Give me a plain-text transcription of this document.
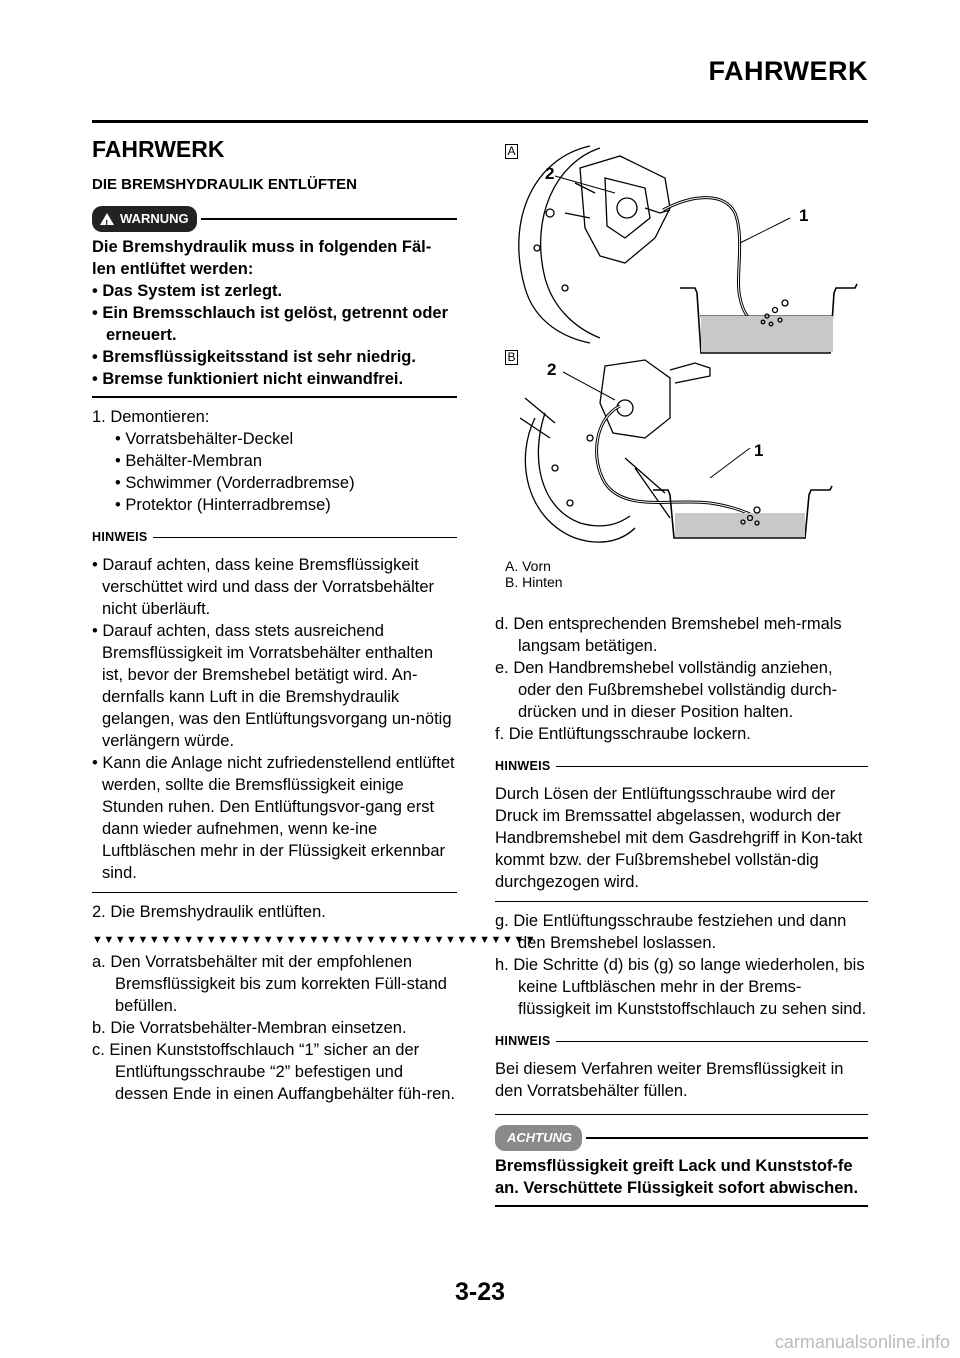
FAHRWERK
FAHRWERK
DIE BREMSHYDRAULIK ENTLÜFTEN
! WARNUNG
Die Bremshydraulik muss in folgenden Fäl-
len entlüftet werden:
• Das System ist zerlegt.
• Ein Bremsschlauch ist gelöst, getrennt oder erneuert.
• Bremsflüssigkeitsstand ist sehr niedrig.
• Bremse funktioniert nicht einwandfrei.
1. Demontieren:
• Vorratsbehälter-Deckel
• Behälter-Membran
• Schwimmer (Vorderradbremse)
• Protektor (Hinterradbremse)
HINWEIS
• Darauf achten, dass keine Bremsflüssigkeit verschüttet wird und dass der Vorratsbehälter nicht überläuft.
• Darauf achten, dass stets ausreichend Bremsflüssigkeit im Vorratsbehälter enthalten ist, bevor der Bremshebel betätigt wird. An-dernfalls kann Luft in die Bremshydraulik gelangen, was den Entlüftungsvorgang un-nötig verlängern würde.
• Kann die Anlage nicht zufriedenstellend entlüftet werden, sollte die Bremsflüssigkeit einige Stunden ruhen. Den Entlüftungsvor-gang erst dann wieder aufnehmen, wenn ke-ine Luftbläschen mehr in der Flüssigkeit erkennbar sind.
2. Die Bremshydraulik entlüften.
▼▼▼▼▼▼▼▼▼▼▼▼▼▼▼▼▼▼▼▼▼▼▼▼▼▼▼▼▼▼▼▼▼▼▼▼▼▼▼
a. Den Vorratsbehälter mit der empfohlenen Bremsflüssigkeit bis zum korrekten Füll-stand befüllen.
b. Die Vorratsbehälter-Membran einsetzen.
c. Einen Kunststoffschlauch “1” sicher an der Entlüftungsschraube “2” befestigen und dessen Ende in einen Auffangbehälter füh-ren.
A
B
2
1
2
1
A. Vorn
B. Hinten
d. Den entsprechenden Bremshebel meh-rmals langsam betätigen.
e. Den Handbremshebel vollständig anziehen, oder den Fußbremshebel vollständig durch-drücken und in dieser Position halten.
f. Die Entlüftungsschraube lockern.
HINWEIS
Durch Lösen der Entlüftungsschraube wird der Druck im Bremssattel abgelassen, wodurch der Handbremshebel mit dem Gasdrehgriff in Kon-takt kommt bzw. der Fußbremshebel vollstän-dig durchgezogen wird.
g. Die Entlüftungsschraube festziehen und dann den Bremshebel loslassen.
h. Die Schritte (d) bis (g) so lange wiederholen, bis keine Luftbläschen mehr in der Brems-flüssigkeit im Kunststoffschlauch zu sehen sind.
HINWEIS
Bei diesem Verfahren weiter Bremsflüssigkeit in den Vorratsbehälter füllen.
ACHTUNG
Bremsflüssigkeit greift Lack und Kunststof-fe an. Verschüttete Flüssigkeit sofort abwischen.
3-23
carmanualsonline.info
